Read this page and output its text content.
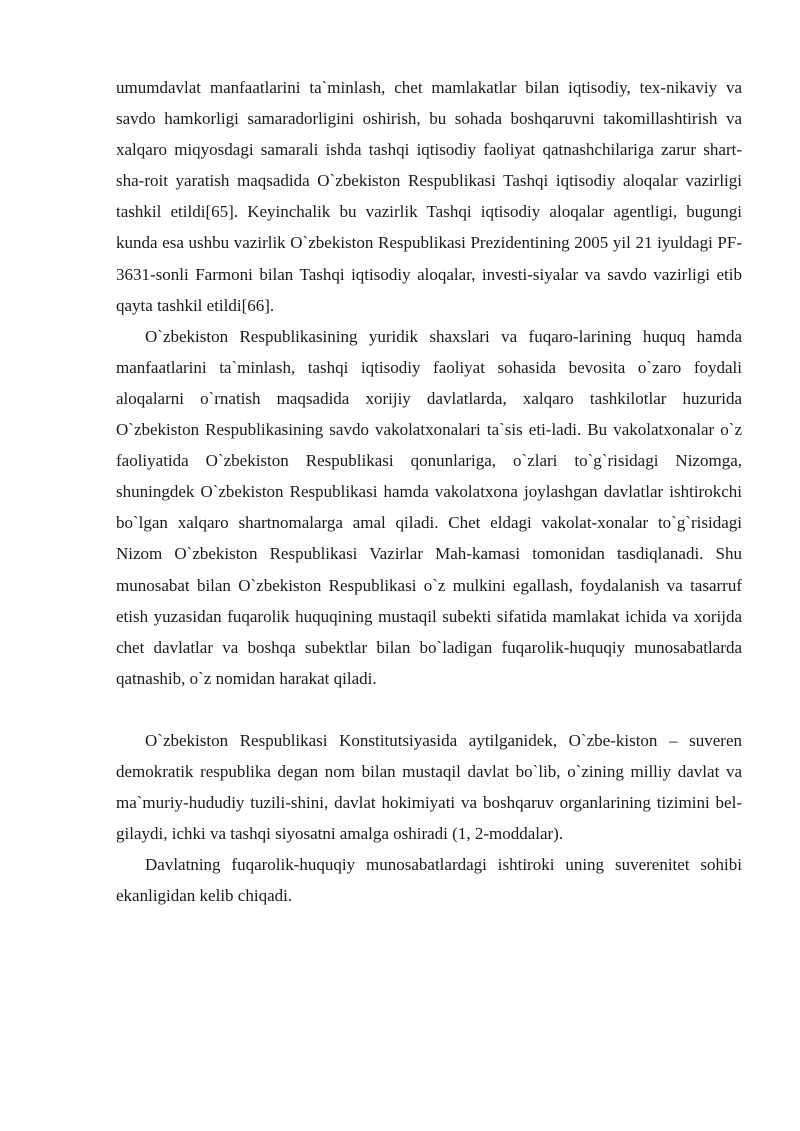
umumdavlat manfaatlarini ta`minlash, chet mamlakatlar bilan iqtisodiy, tex-nikaviy va savdo hamkorligi samaradorligini oshirish, bu sohada boshqaruvni takomillashtirish va xalqaro miqyosdagi samarali ishda tashqi iqtisodiy faoliyat qatnashchilariga zarur shart-sha-roit yaratish maqsadida O`zbekiston Respublikasi Tashqi iqtisodiy aloqalar vazirligi tashkil etildi[65]. Keyinchalik bu vazirlik Tashqi iqtisodiy aloqalar agentligi, bugungi kunda esa ushbu vazirlik O`zbekiston Respublikasi Prezidentining 2005 yil 21 iyuldagi PF-3631-sonli Farmoni bilan Tashqi iqtisodiy aloqalar, investi-siyalar va savdo vazirligi etib qayta tashkil etildi[66].

O`zbekiston Respublikasining yuridik shaxslari va fuqaro-larining huquq hamda manfaatlarini ta`minlash, tashqi iqtisodiy faoliyat sohasida bevosita o`zaro foydali aloqalarni o`rnatish maqsadida xorijiy davlatlarda, xalqaro tashkilotlar huzurida O`zbekiston Respublikasining savdo vakolatxonalari ta`sis eti-ladi. Bu vakolatxonalar o`z faoliyatida O`zbekiston Respublikasi qonunlariga, o`zlari to`g`risidagi Nizomga, shuningdek O`zbekiston Respublikasi hamda vakolatxona joylashgan davlatlar ishtirokchi bo`lgan xalqaro shartnomalarga amal qiladi. Chet eldagi vakolat-xonalar to`g`risidagi Nizom O`zbekiston Respublikasi Vazirlar Mah-kamasi tomonidan tasdiqlanadi. Shu munosabat bilan O`zbekiston Respublikasi o`z mulkini egallash, foydalanish va tasarruf etish yuzasidan fuqarolik huquqining mustaqil subekti sifatida mamlakat ichida va xorijda chet davlatlar va boshqa subektlar bilan bo`ladigan fuqarolik-huquqiy munosabatlarda qatnashib, o`z nomidan harakat qiladi.

O`zbekiston Respublikasi Konstitutsiyasida aytilganidek, O`zbe-kiston – suveren demokratik respublika degan nom bilan mustaqil davlat bo`lib, o`zining milliy davlat va ma`muriy-hududiy tuzili-shini, davlat hokimiyati va boshqaruv organlarining tizimini bel-gilaydi, ichki va tashqi siyosatni amalga oshiradi (1, 2-moddalar).

Davlatning fuqarolik-huquqiy munosabatlardagi ishtiroki uning suverenitet sohibi ekanligidan kelib chiqadi.
